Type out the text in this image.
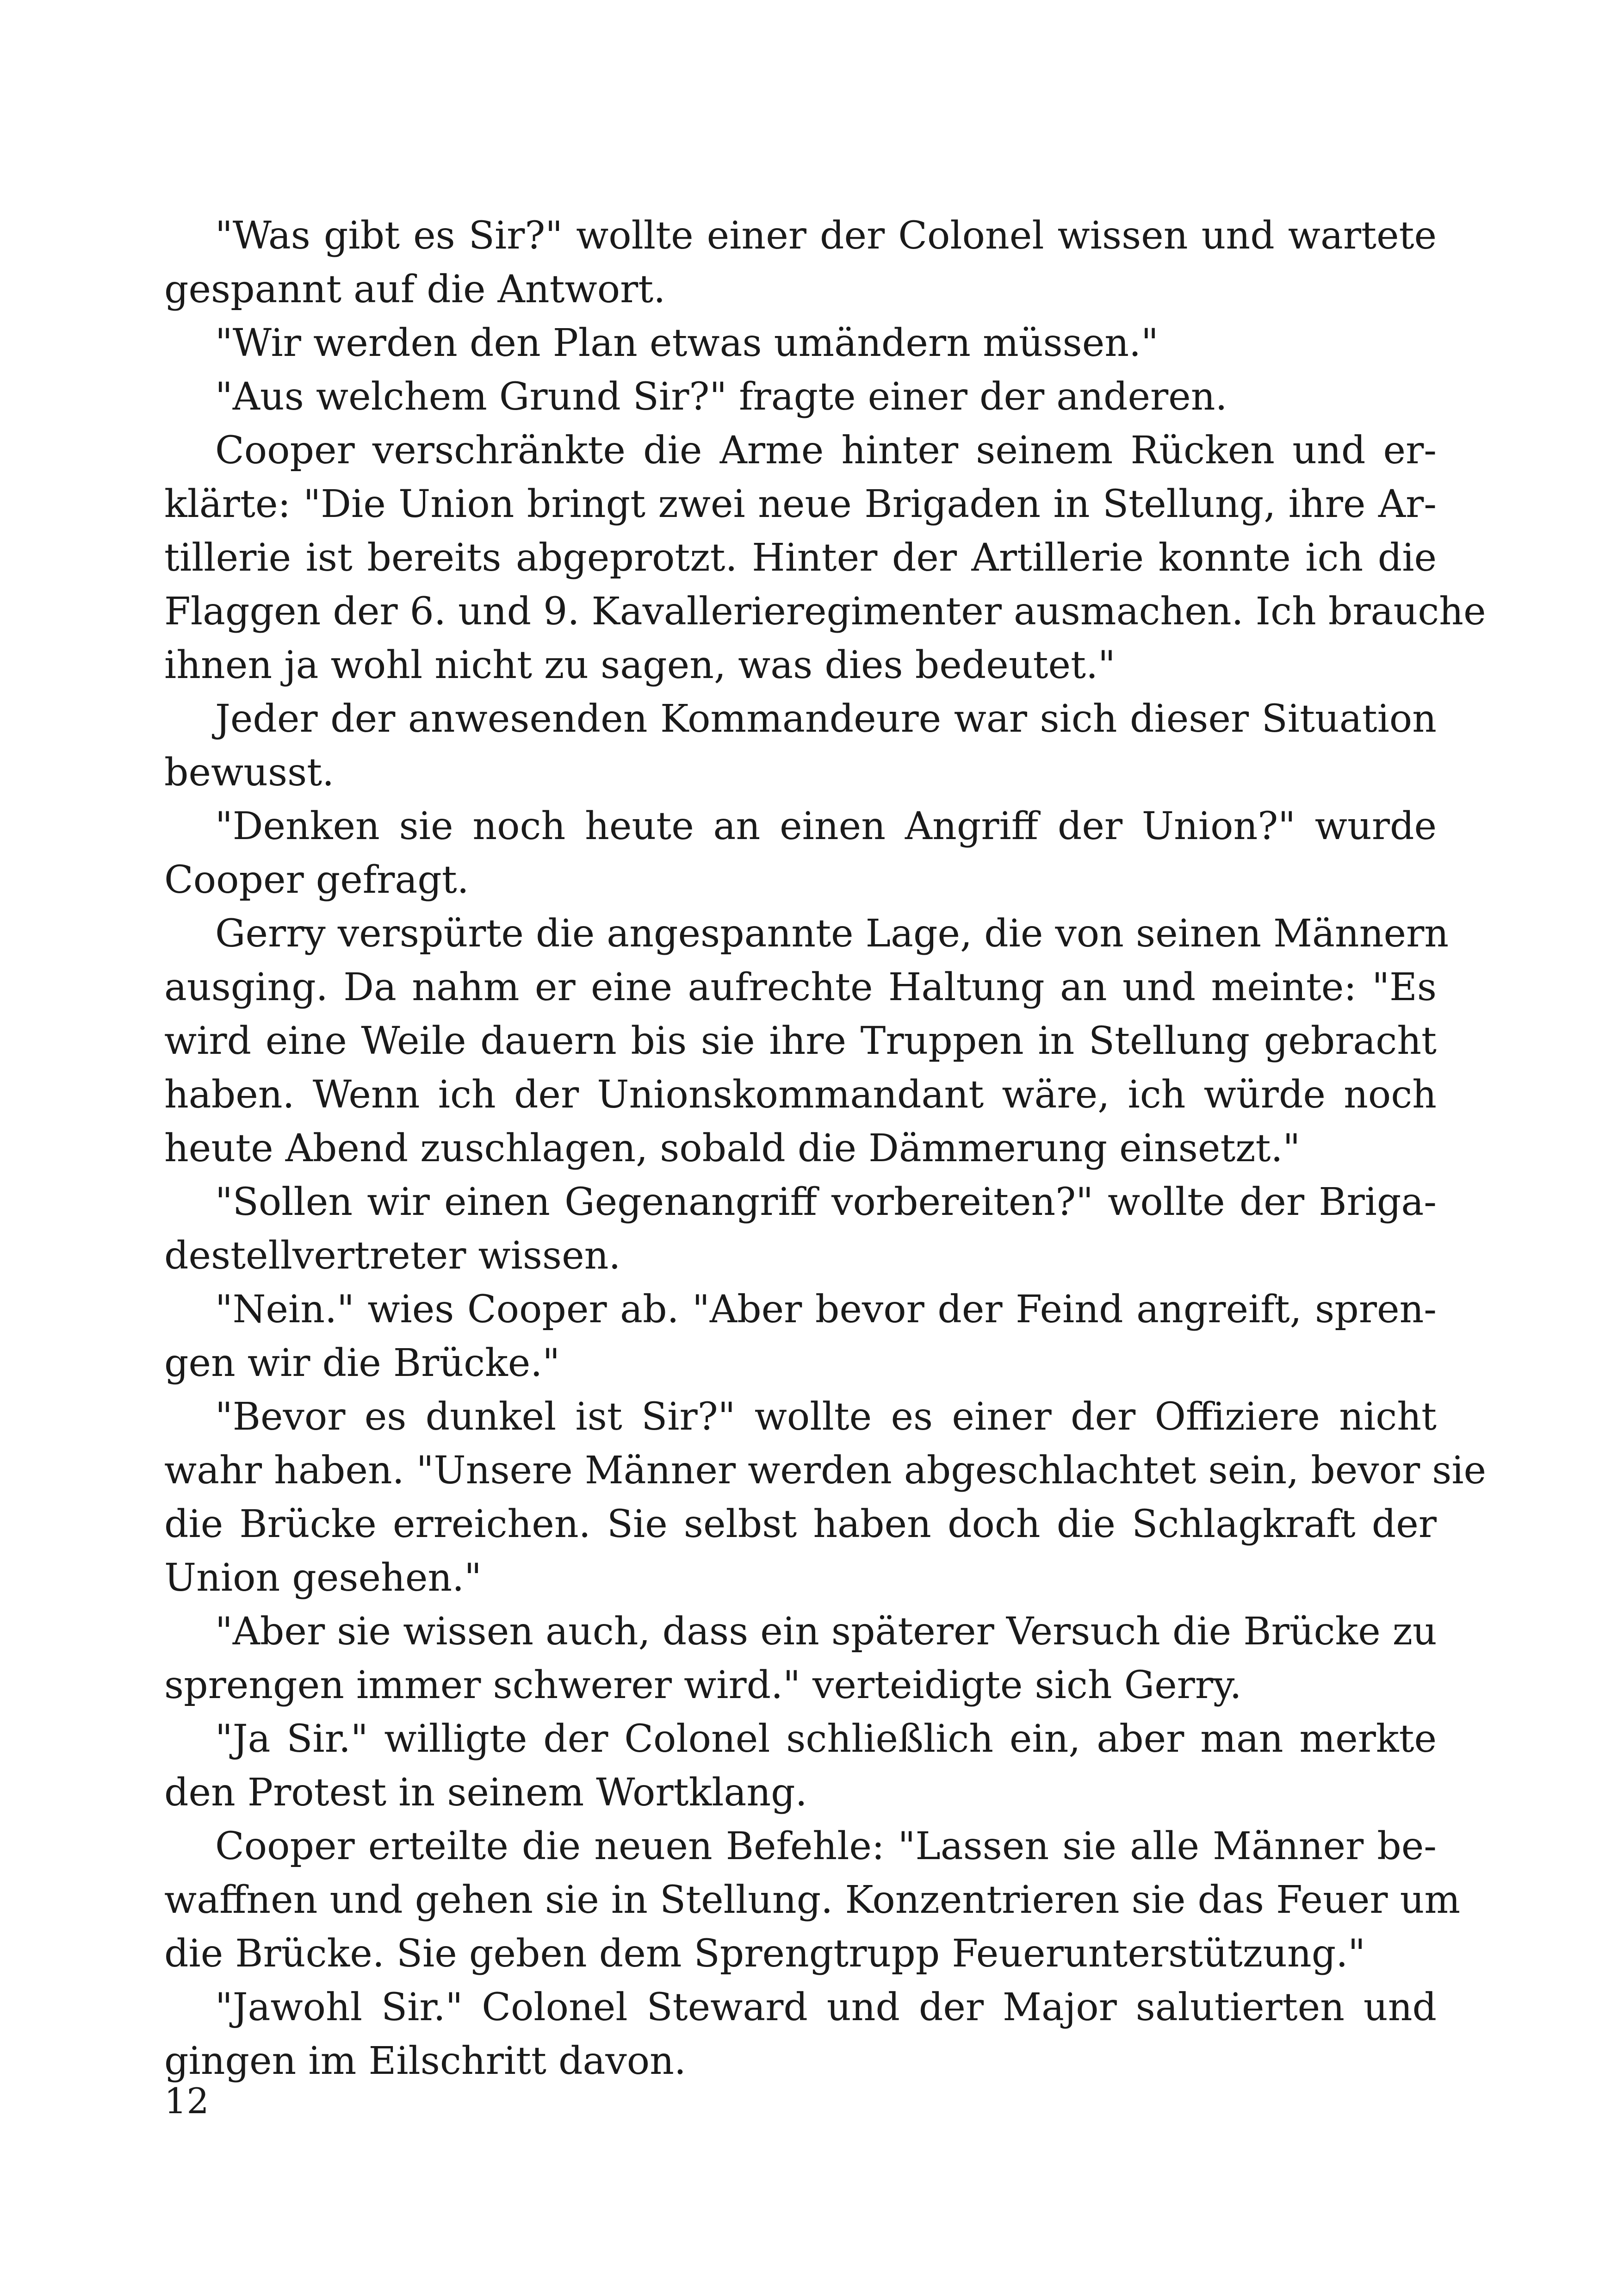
"Was gibt es Sir?" wollte einer der Colonel wissen und wartete
gespannt auf die Antwort.
"Wir werden den Plan etwas umändern müssen."
"Aus welchem Grund Sir?" fragte einer der anderen.
Cooper verschränkte die Arme hinter seinem Rücken und er-
klärte: "Die Union bringt zwei neue Brigaden in Stellung, ihre Ar-
tillerie ist bereits abgeprotzt. Hinter der Artillerie konnte ich die
Flaggen der 6. und 9. Kavallerieregimenter ausmachen. Ich brauche
ihnen ja wohl nicht zu sagen, was dies bedeutet."
Jeder der anwesenden Kommandeure war sich dieser Situation
bewusst.
"Denken sie noch heute an einen Angriff der Union?" wurde
Cooper gefragt.
Gerry verspürte die angespannte Lage, die von seinen Männern
ausging. Da nahm er eine aufrechte Haltung an und meinte: "Es
wird eine Weile dauern bis sie ihre Truppen in Stellung gebracht
haben. Wenn ich der Unionskommandant wäre, ich würde noch
heute Abend zuschlagen, sobald die Dämmerung einsetzt."
"Sollen wir einen Gegenangriff vorbereiten?" wollte der Briga-
destellvertreter wissen.
"Nein." wies Cooper ab. "Aber bevor der Feind angreift, spren-
gen wir die Brücke."
"Bevor es dunkel ist Sir?" wollte es einer der Offiziere nicht
wahr haben. "Unsere Männer werden abgeschlachtet sein, bevor sie
die Brücke erreichen. Sie selbst haben doch die Schlagkraft der
Union gesehen."
"Aber sie wissen auch, dass ein späterer Versuch die Brücke zu
sprengen immer schwerer wird." verteidigte sich Gerry.
"Ja Sir." willigte der Colonel schließlich ein, aber man merkte
den Protest in seinem Wortklang.
Cooper erteilte die neuen Befehle: "Lassen sie alle Männer be-
waffnen und gehen sie in Stellung. Konzentrieren sie das Feuer um
die Brücke. Sie geben dem Sprengtrupp Feuerunterstützung."
"Jawohl Sir." Colonel Steward und der Major salutierten und
gingen im Eilschritt davon.
12
